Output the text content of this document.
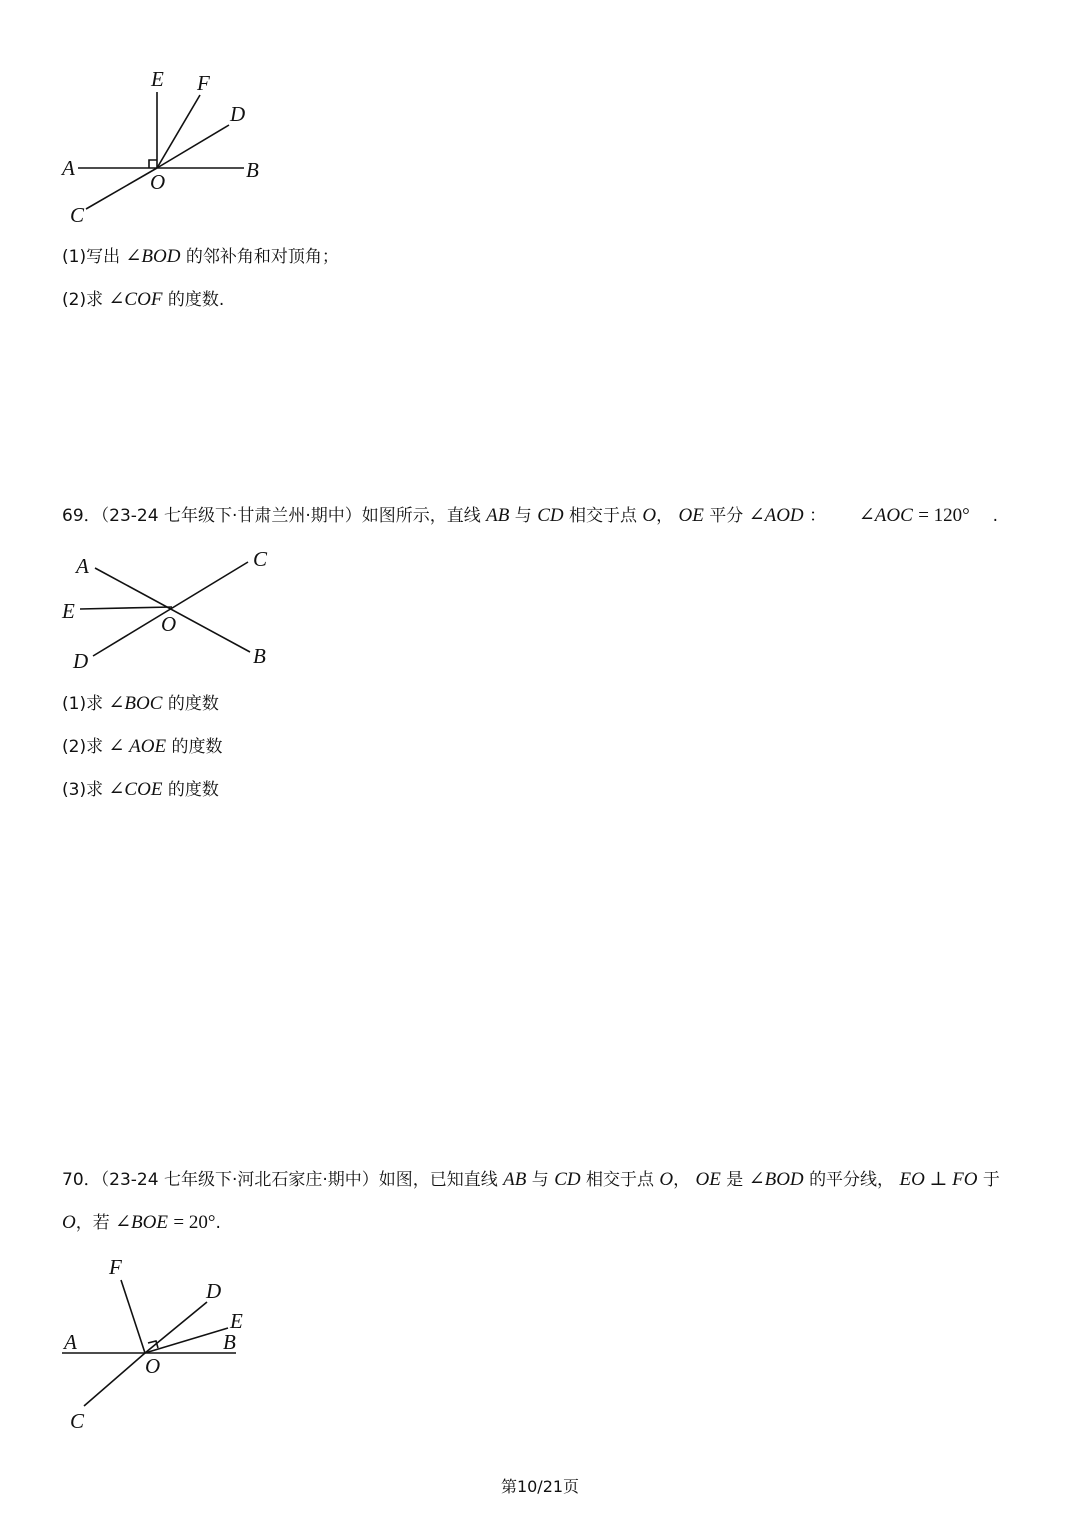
E F
D
A
O	B
C
(1)写出 ∠BOD 的邻补角和对顶角；
(2)求 ∠COF 的度数.
69．（23-24 七年级下·甘肃兰州·期中）如图所示，直线 AB 与 CD 相交于点 O， OE 平分 ∠AOD ： ∠AOC = 120° .
A	C
E
O
D	B
(1)求 ∠BOC 的度数
(2)求 ∠ AOE 的度数
(3)求 ∠COE 的度数
70．（23-24 七年级下·河北石家庄·期中）如图，已知直线 AB 与 CD 相交于点 O， OE 是 ∠BOD 的平分线， EO ⊥ FO 于
O，若 ∠BOE = 20°.
F
D
E
A	B
O
C
第10/21页
